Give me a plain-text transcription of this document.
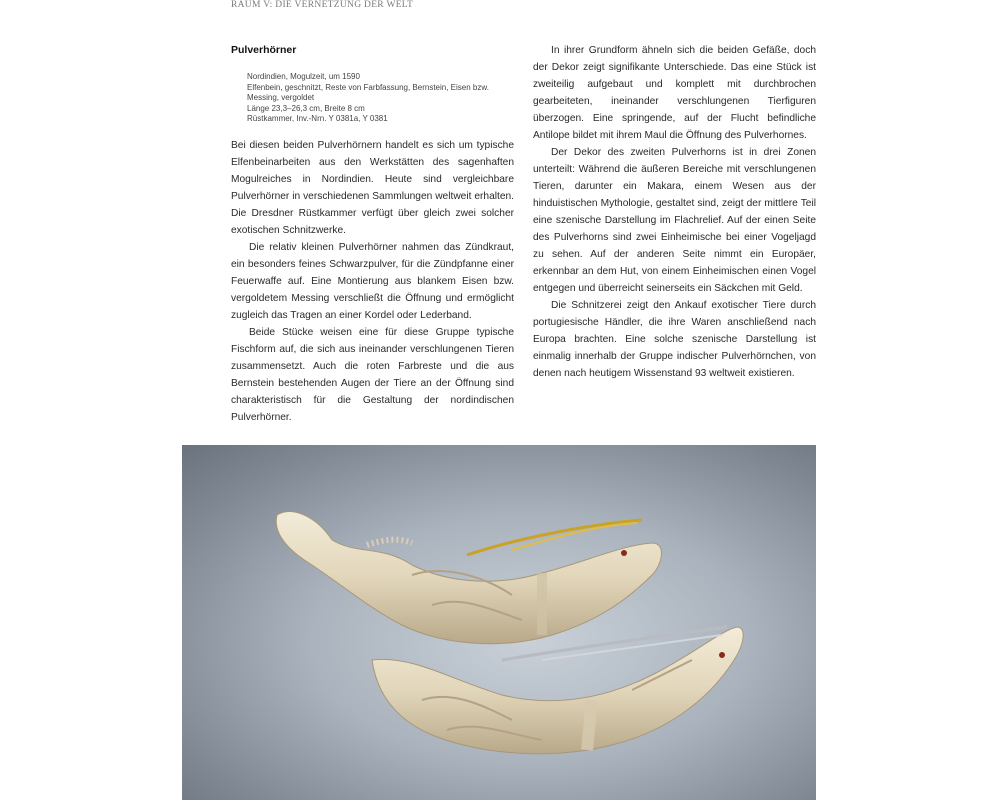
RAUM V: DIE VERNETZUNG DER WELT
Pulverhörner
Nordindien, Mogulzeit, um 1590
Elfenbein, geschnitzt, Reste von Farbfassung, Bernstein, Eisen bzw.
Messing, vergoldet
Länge 23,3–26,3 cm, Breite 8 cm
Rüstkammer, Inv.-Nrn. Y 0381a, Y 0381

Bei diesen beiden Pulverhörnern handelt es sich um typische Elfenbeinarbeiten aus den Werkstätten des sagenhaften Mogulreiches in Nordindien. Heute sind vergleichbare Pulverhörner in verschiedenen Sammlungen weltweit erhalten. Die Dresdner Rüstkammer verfügt über gleich zwei solcher exotischen Schnitzwerke.

Die relativ kleinen Pulverhörner nahmen das Zündkraut, ein besonders feines Schwarzpulver, für die Zündpfanne einer Feuerwaffe auf. Eine Montierung aus blankem Eisen bzw. vergoldetem Messing verschließt die Öffnung und ermöglicht zugleich das Tragen an einer Kordel oder Lederband.

Beide Stücke weisen eine für diese Gruppe typische Fischform auf, die sich aus ineinander verschlungenen Tieren zusammensetzt. Auch die roten Farbreste und die aus Bernstein bestehenden Augen der Tiere an der Öffnung sind charakteristisch für die Gestaltung der nordindischen Pulverhörner.

In ihrer Grundform ähneln sich die beiden Gefäße, doch der Dekor zeigt signifikante Unterschiede. Das eine Stück ist zweiteilig aufgebaut und komplett mit durchbrochen gearbeiteten, ineinander verschlungenen Tierfiguren überzogen. Eine springende, auf der Flucht befindliche Antilope bildet mit ihrem Maul die Öffnung des Pulverhornes.

Der Dekor des zweiten Pulverhorns ist in drei Zonen unterteilt: Während die äußeren Bereiche mit verschlungenen Tieren, darunter ein Makara, einem Wesen aus der hinduistischen Mythologie, gestaltet sind, zeigt der mittlere Teil eine szenische Darstellung im Flachrelief. Auf der einen Seite des Pulverhorns sind zwei Einheimische bei einer Vogeljagd zu sehen. Auf der anderen Seite nimmt ein Europäer, erkennbar an dem Hut, von einem Einheimischen einen Vogel entgegen und überreicht seinerseits ein Säckchen mit Geld.

Die Schnitzerei zeigt den Ankauf exotischer Tiere durch portugiesische Händler, die ihre Waren anschließend nach Europa brachten. Eine solche szenische Darstellung ist einmalig innerhalb der Gruppe indischer Pulverhörnchen, von denen nach heutigem Wissenstand 93 weltweit existieren.
